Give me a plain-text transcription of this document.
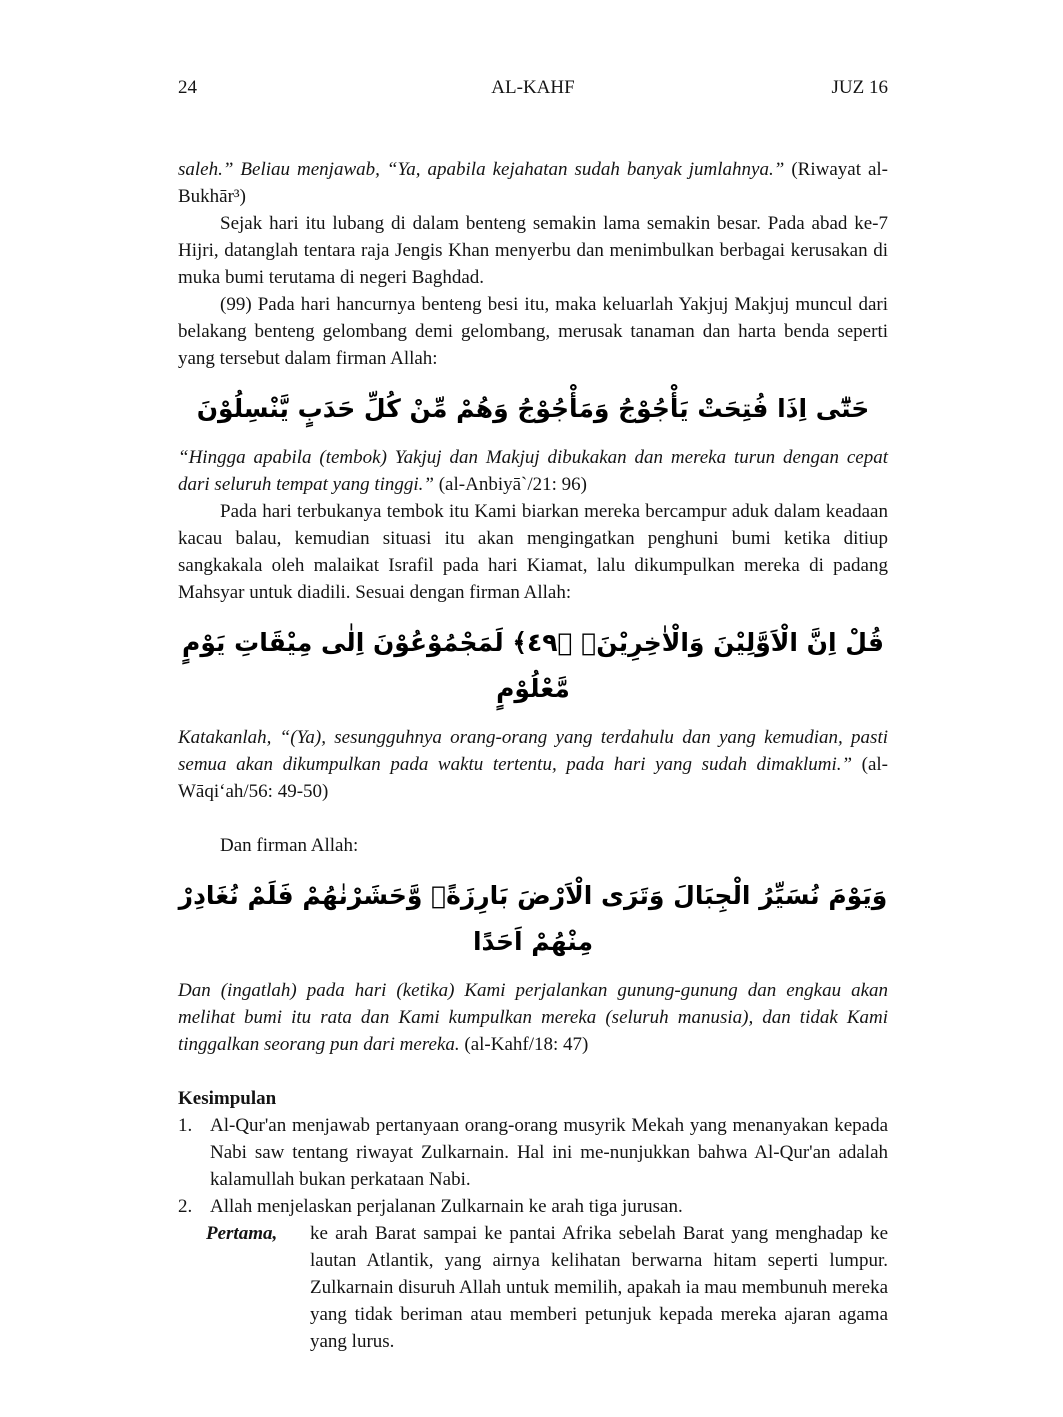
24	AL-KAHF	JUZ 16

saleh.” Beliau menjawab, “Ya, apabila kejahatan sudah banyak jumlahnya.” (Riwayat al-Bukhār³)

Sejak hari itu lubang di dalam benteng semakin lama semakin besar. Pada abad ke-7 Hijri, datanglah tentara raja Jengis Khan menyerbu dan menimbulkan berbagai kerusakan di muka bumi terutama di negeri Baghdad.

(99) Pada hari hancurnya benteng besi itu, maka keluarlah Yakjuj Makjuj muncul dari belakang benteng gelombang demi gelombang, merusak tanaman dan harta benda seperti yang tersebut dalam firman Allah:

حَتّٰٓى اِذَا فُتِحَتْ يَأْجُوْجُ وَمَأْجُوْجُ وَهُمْ مِّنْ كُلِّ حَدَبٍ يَّنْسِلُوْنَ

“Hingga apabila (tembok) Yakjuj dan Makjuj dibukakan dan mereka turun dengan cepat dari seluruh tempat yang tinggi.” (al-Anbiyā`/21: 96)

Pada hari terbukanya tembok itu Kami biarkan mereka bercampur aduk dalam keadaan kacau balau, kemudian situasi itu akan mengingatkan penghuni bumi ketika ditiup sangkakala oleh malaikat Israfil pada hari Kiamat, lalu dikumpulkan mereka di padang Mahsyar untuk diadili. Sesuai dengan firman Allah:

قُلْ اِنَّ الْاَوَّلِيْنَ وَالْاٰخِرِيْنَۙ ﴿٤٩﴾ لَمَجْمُوْعُوْنَ اِلٰى مِيْقَاتِ يَوْمٍ مَّعْلُوْمٍ

Katakanlah, “(Ya), sesungguhnya orang-orang yang terdahulu dan yang kemudian, pasti semua akan dikumpulkan pada waktu tertentu, pada hari yang sudah dimaklumi.” (al-Wāqi‘ah/56: 49-50)

Dan firman Allah:

وَيَوْمَ نُسَيِّرُ الْجِبَالَ وَتَرَى الْاَرْضَ بَارِزَةًۙ وَّحَشَرْنٰهُمْ فَلَمْ نُغَادِرْ مِنْهُمْ اَحَدًا

Dan (ingatlah) pada hari (ketika) Kami perjalankan gunung-gunung dan engkau akan melihat bumi itu rata dan Kami kumpulkan mereka (seluruh manusia), dan tidak Kami tinggalkan seorang pun dari mereka. (al-Kahf/18: 47)

Kesimpulan

1. Al-Qur'an menjawab pertanyaan orang-orang musyrik Mekah yang menanyakan kepada Nabi saw tentang riwayat Zulkarnain. Hal ini me-nunjukkan bahwa Al-Qur'an adalah kalamullah bukan perkataan Nabi.
2. Allah menjelaskan perjalanan Zulkarnain ke arah tiga jurusan.
Pertama,	ke arah Barat sampai ke pantai Afrika sebelah Barat yang menghadap ke lautan Atlantik, yang airnya kelihatan berwarna hitam seperti lumpur. Zulkarnain disuruh Allah untuk memilih, apakah ia mau membunuh mereka yang tidak beriman atau memberi petunjuk kepada mereka ajaran agama yang lurus.
